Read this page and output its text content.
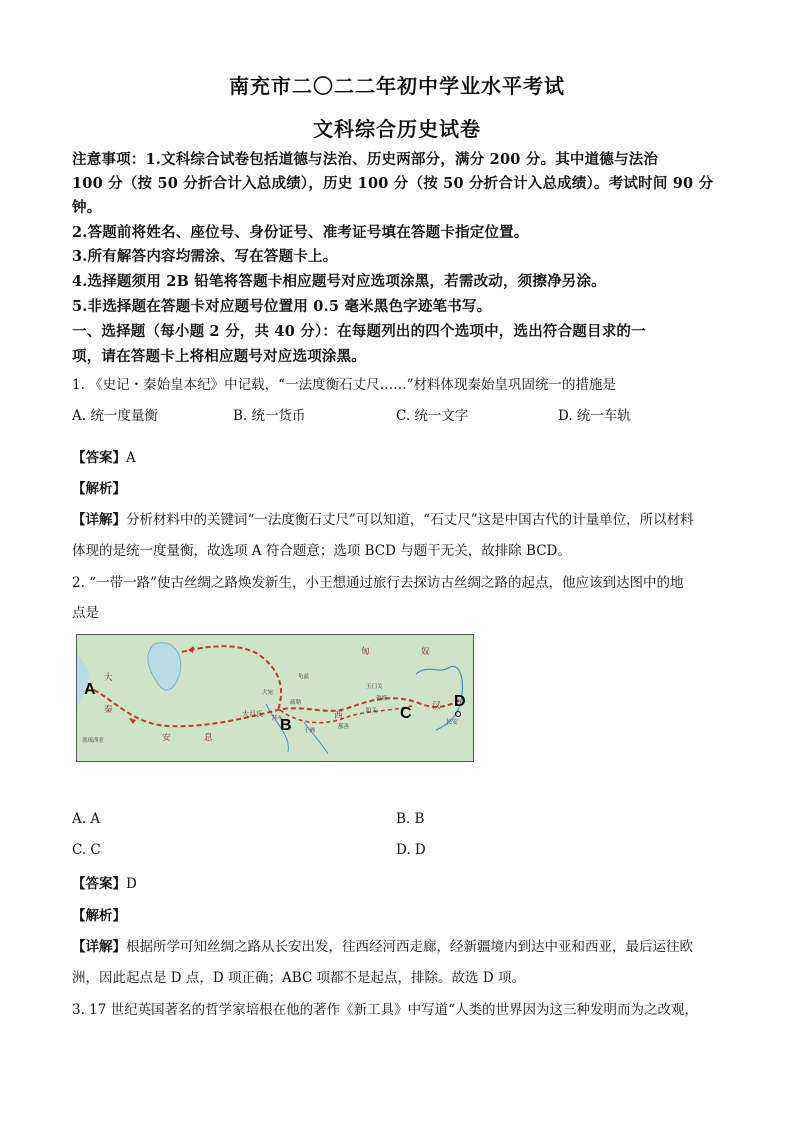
南充市二〇二二年初中学业水平考试
文科综合历史试卷
注意事项：1.文科综合试卷包括道德与法治、历史两部分，满分 200 分。其中道德与法治
100 分（按 50 分折合计入总成绩），历史 100 分（按 50 分折合计入总成绩）。考试时间 90 分
钟。
2.答题前将姓名、座位号、身份证号、准考证号填在答题卡指定位置。
3.所有解答内容均需涂、写在答题卡上。
4.选择题须用 2B 铅笔将答题卡相应题号对应选项涂黑，若需改动，须擦净另涂。
5.非选择题在答题卡对应题号位置用 0.5 毫米黑色字迹笔书写。
一、选择题（每小题 2 分，共 40 分）：在每题列出的四个选项中，选出符合题目求的一
项，请在答题卡上将相应题号对应选项涂黑。
1. 《史记・秦始皇本纪》中记载，“一法度衡石丈尺……”材料体现秦始皇巩固统一的措施是
A. 统一度量衡	B. 统一货币	C. 统一文字	D. 统一车轨
【答案】A
【解析】
【详解】分析材料中的关键词“一法度衡石丈尺”可以知道，“石丈尺”这是中国古代的计量单位，所以材料
体现的是统一度量衡，故选项 A 符合题意；选项 BCD 与题干无关，故排除 BCD。
2. “一带一路”使古丝绸之路焕发新生，小王想通过旅行去探访古丝绸之路的起点，他应该到达图中的地
点是
匈	奴
大
秦
安	息
大月氏	西
汉
塞琉西亚
大宛
疏勒
莎车
于阗
玉门关
敦煌
阳关
鄯善
长安
龟兹
A
B
C
D
A. A	B. B
C. C	D. D
【答案】D
【解析】
【详解】根据所学可知丝绸之路从长安出发，往西经河西走廊，经新疆境内到达中亚和西亚，最后运往欧
洲，因此起点是 D 点，D 项正确；ABC 项都不是起点，排除。故选 D 项。
3. 17 世纪英国著名的哲学家培根在他的著作《新工具》中写道“人类的世界因为这三种发明而为之改观，
